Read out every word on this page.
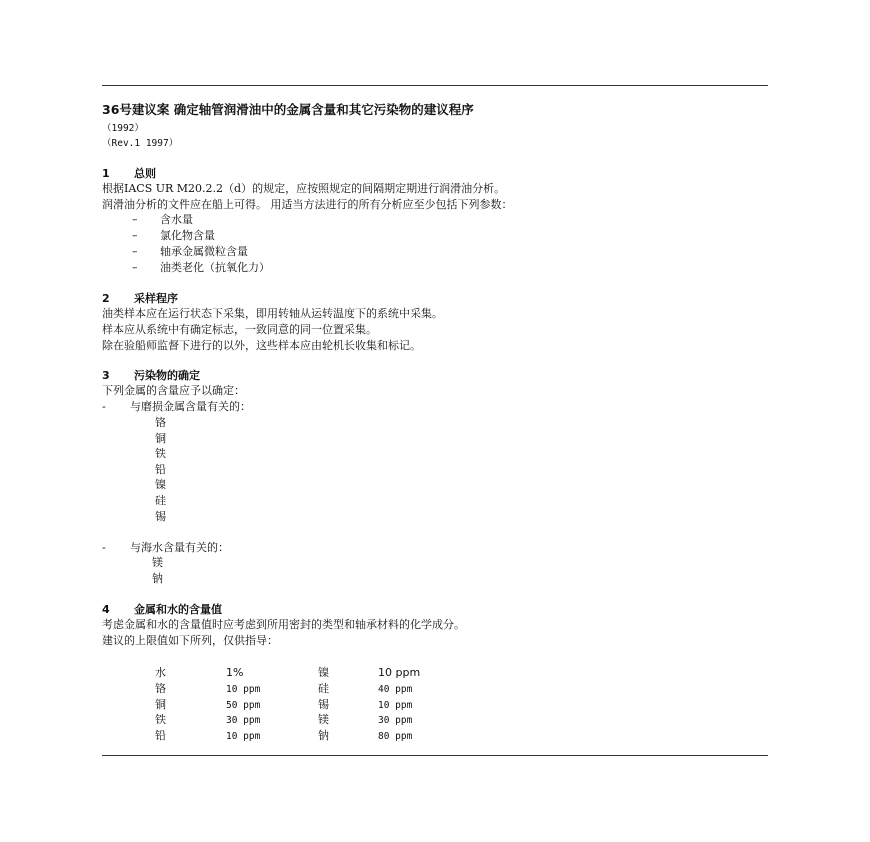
36号建议案 确定轴管润滑油中的金属含量和其它污染物的建议程序
（1992）
（Rev.1 1997）
1 总则
根据IACS UR M20.2.2（d）的规定，应按照规定的间隔期定期进行润滑油分析。
润滑油分析的文件应在船上可得。 用适当方法进行的所有分析应至少包括下列参数：
– 含水量
– 氯化物含量
– 轴承金属微粒含量
– 油类老化（抗氧化力）
2 采样程序
油类样本应在运行状态下采集，即用转轴从运转温度下的系统中采集。
样本应从系统中有确定标志，一致同意的同一位置采集。
除在验船师监督下进行的以外，这些样本应由轮机长收集和标记。
3 污染物的确定
下列金属的含量应予以确定：
- 与磨损金属含量有关的：
铬
铜
铁
铅
镍
硅
锡
- 与海水含量有关的：
镁
钠
4 金属和水的含量值
考虑金属和水的含量值时应考虑到所用密封的类型和轴承材料的化学成分。
建议的上限值如下所列，仅供指导：
水	1%	镍	10 ppm
铬	10 ppm	硅	40 ppm
铜	50 ppm	锡	10 ppm
铁	30 ppm	镁	30 ppm
铅	10 ppm	钠	80 ppm
